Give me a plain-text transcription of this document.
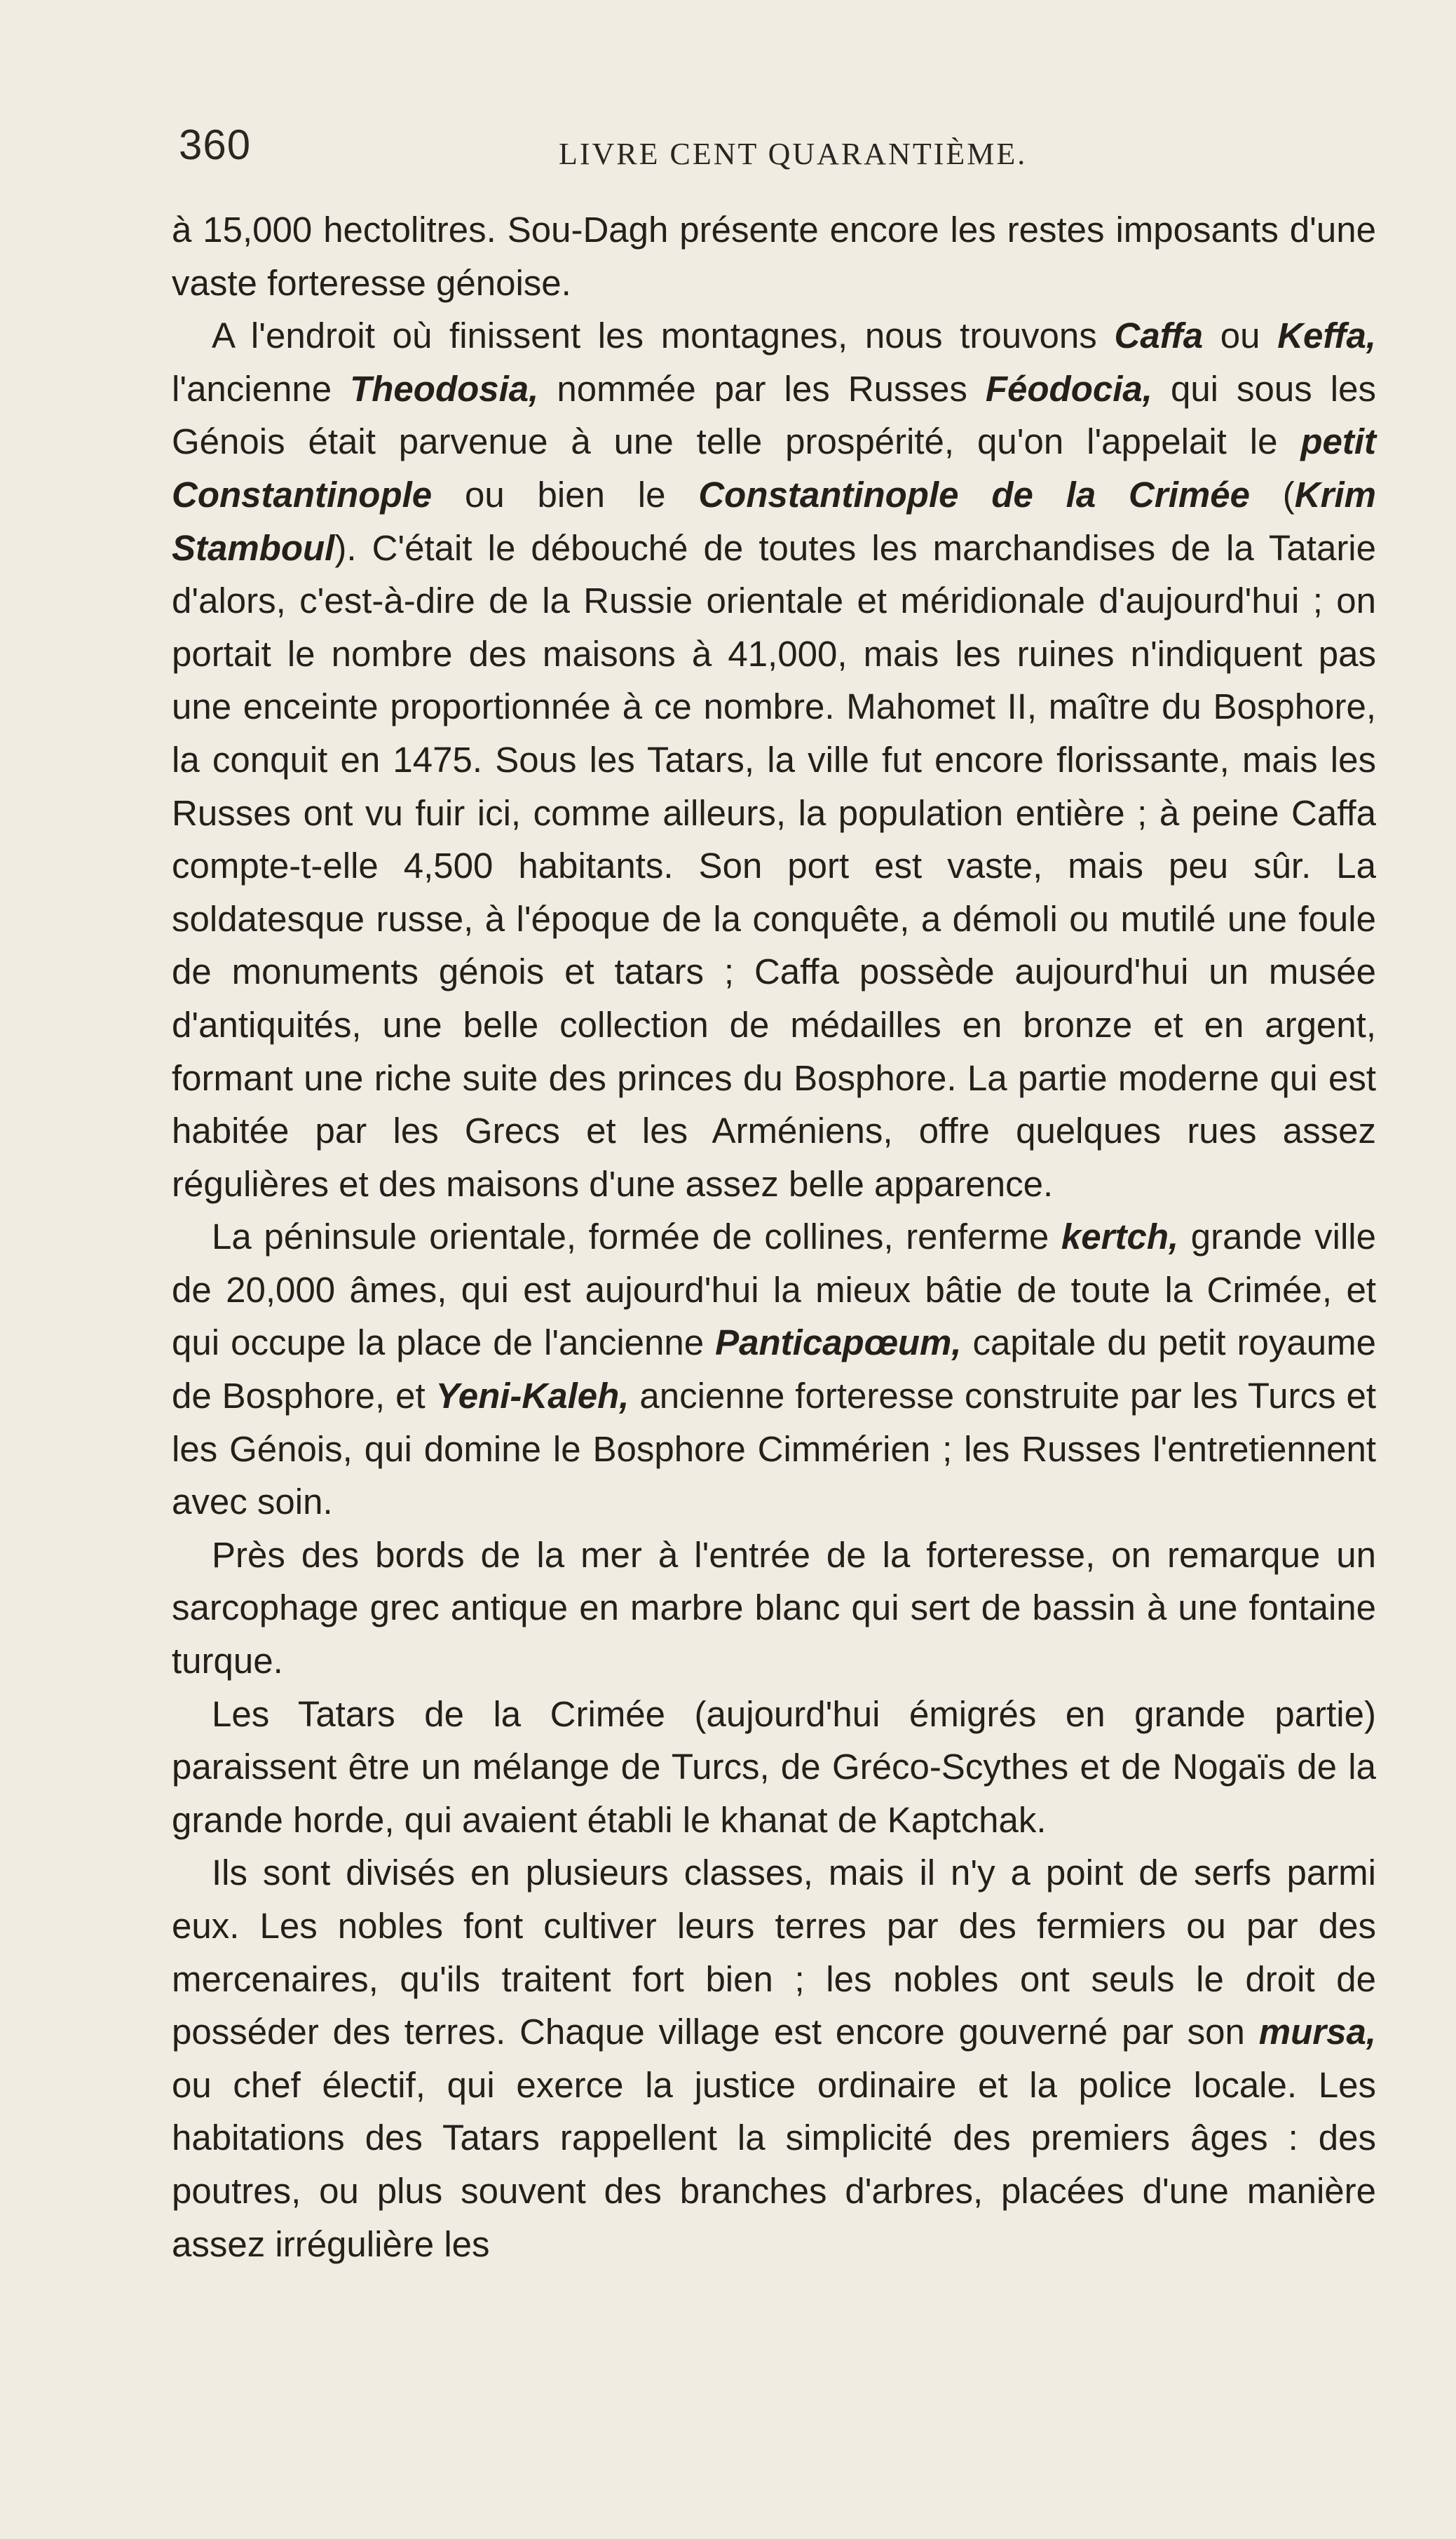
360	LIVRE CENT QUARANTIÈME.

à 15,000 hectolitres. Sou-Dagh présente encore les restes imposants d'une vaste forteresse génoise.

A l'endroit où finissent les montagnes, nous trouvons Caffa ou Keffa, l'ancienne Theodosia, nommée par les Russes Féodocia, qui sous les Génois était parvenue à une telle prospérité, qu'on l'appelait le petit Constantinople ou bien le Constantinople de la Crimée (Krim Stamboul). C'était le débouché de toutes les marchandises de la Tatarie d'alors, c'est-à-dire de la Russie orientale et méridionale d'aujourd'hui ; on portait le nombre des maisons à 41,000, mais les ruines n'indiquent pas une enceinte proportionnée à ce nombre. Mahomet II, maître du Bosphore, la conquit en 1475. Sous les Tatars, la ville fut encore florissante, mais les Russes ont vu fuir ici, comme ailleurs, la population entière ; à peine Caffa compte-t-elle 4,500 habitants. Son port est vaste, mais peu sûr. La soldatesque russe, à l'époque de la conquête, a démoli ou mutilé une foule de monuments génois et tatars ; Caffa possède aujourd'hui un musée d'antiquités, une belle collection de médailles en bronze et en argent, formant une riche suite des princes du Bosphore. La partie moderne qui est habitée par les Grecs et les Arméniens, offre quelques rues assez régulières et des maisons d'une assez belle apparence.

La péninsule orientale, formée de collines, renferme kertch, grande ville de 20,000 âmes, qui est aujourd'hui la mieux bâtie de toute la Crimée, et qui occupe la place de l'ancienne Panticapœum, capitale du petit royaume de Bosphore, et Yeni-Kaleh, ancienne forteresse construite par les Turcs et les Génois, qui domine le Bosphore Cimmérien ; les Russes l'entretiennent avec soin.

Près des bords de la mer à l'entrée de la forteresse, on remarque un sarcophage grec antique en marbre blanc qui sert de bassin à une fontaine turque.

Les Tatars de la Crimée (aujourd'hui émigrés en grande partie) paraissent être un mélange de Turcs, de Gréco-Scythes et de Nogaïs de la grande horde, qui avaient établi le khanat de Kaptchak.

Ils sont divisés en plusieurs classes, mais il n'y a point de serfs parmi eux. Les nobles font cultiver leurs terres par des fermiers ou par des mercenaires, qu'ils traitent fort bien ; les nobles ont seuls le droit de posséder des terres. Chaque village est encore gouverné par son mursa, ou chef électif, qui exerce la justice ordinaire et la police locale. Les habitations des Tatars rappellent la simplicité des premiers âges : des poutres, ou plus souvent des branches d'arbres, placées d'une manière assez irrégulière les
